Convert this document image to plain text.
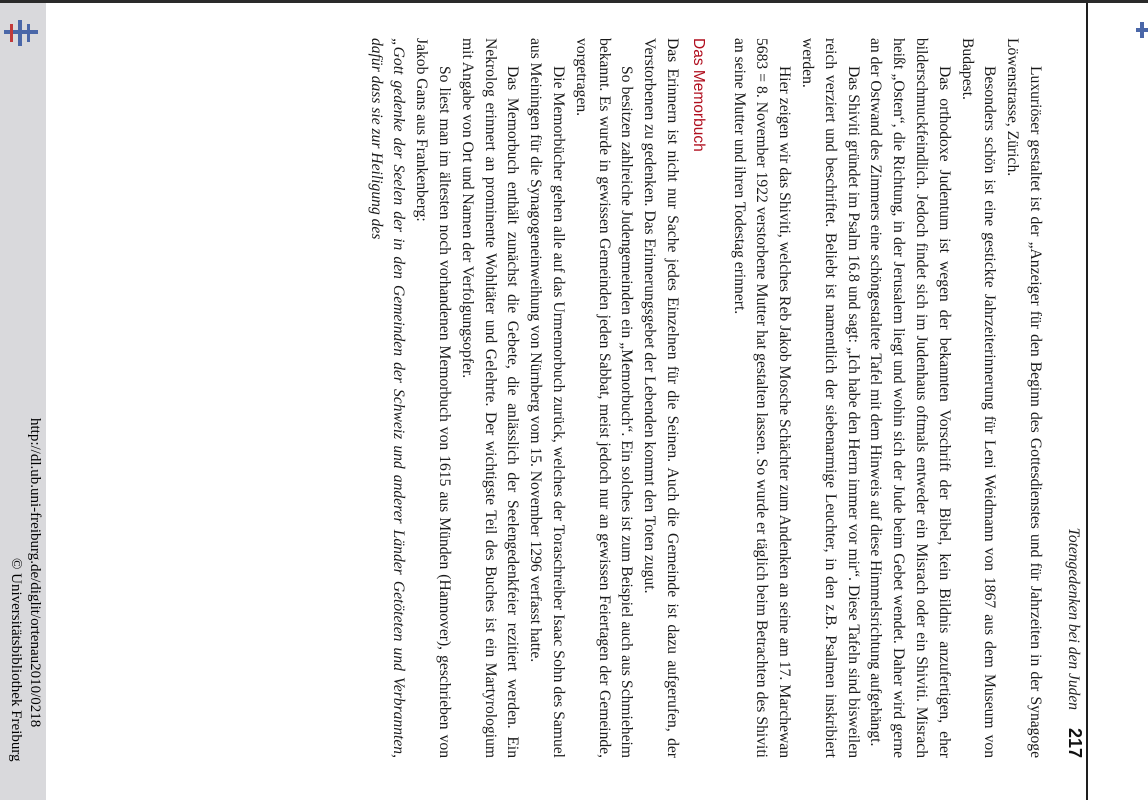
http://dl.ub.uni-freiburg.de/diglit/ortenau2010/0218
© Universitätsbibliothek Freiburg	Totengedenken bei den Juden
217

Luxuriöser gestaltet ist der „Anzeiger für den Beginn des Gottesdienstes und für Jahrzeiten in der Synagoge Löwenstrasse, Zürich.

Besonders schön ist eine gestickte Jahrzeiterinnerung für Leni Weidmann von 1867 aus dem Museum von Budapest.

Das orthodoxe Judentum ist wegen der bekannten Vorschrift der Bibel, kein Bildnis anzufertigen, eher bilderschmuckfeindlich. Jedoch findet sich im Judenhaus oftmals entweder ein Misrach oder ein Shiviti. Misrach heißt „Osten“, die Richtung, in der Jerusalem liegt und wohin sich der Jude beim Gebet wendet. Daher wird gerne an der Ostwand des Zimmers eine schöngestaltete Tafel mit dem Hinweis auf diese Himmelsrichtung aufgehängt.

Das Shiviti gründet im Psalm 16.8 und sagt: „Ich habe den Herrn immer vor mir“. Diese Tafeln sind bisweilen reich verziert und beschriftet. Beliebt ist namentlich der siebenarmige Leuchter, in den z.B. Psalmen inskribiert werden.

Hier zeigen wir das Shiviti, welches Reb Jakob Mosche Schächter zum Andenken an seine am 17. Marchewan 5683 = 8. November 1922 verstorbene Mutter hat gestalten lassen. So wurde er täglich beim Betrachten des Shiviti an seine Mutter und ihren Todestag erinnert.

Das Memorbuch

Das Erinnern ist nicht nur Sache jedes Einzelnen für die Seinen. Auch die Gemeinde ist dazu aufgerufen, der Verstorbenen zu gedenken. Das Erinnerungsgebet der Lebenden kommt den Toten zugut.

So besitzen zahlreiche Judengemeinden ein „Memorbuch“. Ein solches ist zum Beispiel auch aus Schmieheim bekannt. Es wurde in gewissen Gemeinden jeden Sabbat, meist jedoch nur an gewissen Feiertagen der Gemeinde, vorgetragen.

Die Memorbücher gehen alle auf das Urmemorbuch zurück, welches der Toraschreiber Isaac Sohn des Samuel aus Meiningen für die Synagogeneinweihung von Nürnberg vom 15. November 1296 verfasst hatte.

Das Memorbuch enthält zunächst die Gebete, die anlässlich der Seelengedenkfeier rezitiert werden. Ein Nekrolog erinnert an prominente Wohltäter und Gelehrte. Der wichtigste Teil des Buches ist ein Martyrologium mit Angabe von Ort und Namen der Verfolgungsopfer.

So liest man im ältesten noch vorhandenen Memorbuch von 1615 aus Münden (Hannover), geschrieben von Jakob Gans aus Frankenberg:

„Gott gedenke der Seelen der in den Gemeinden der Schweiz und anderer Länder Getöteten und Verbrannten, dafür dass sie zur Heiligung des
